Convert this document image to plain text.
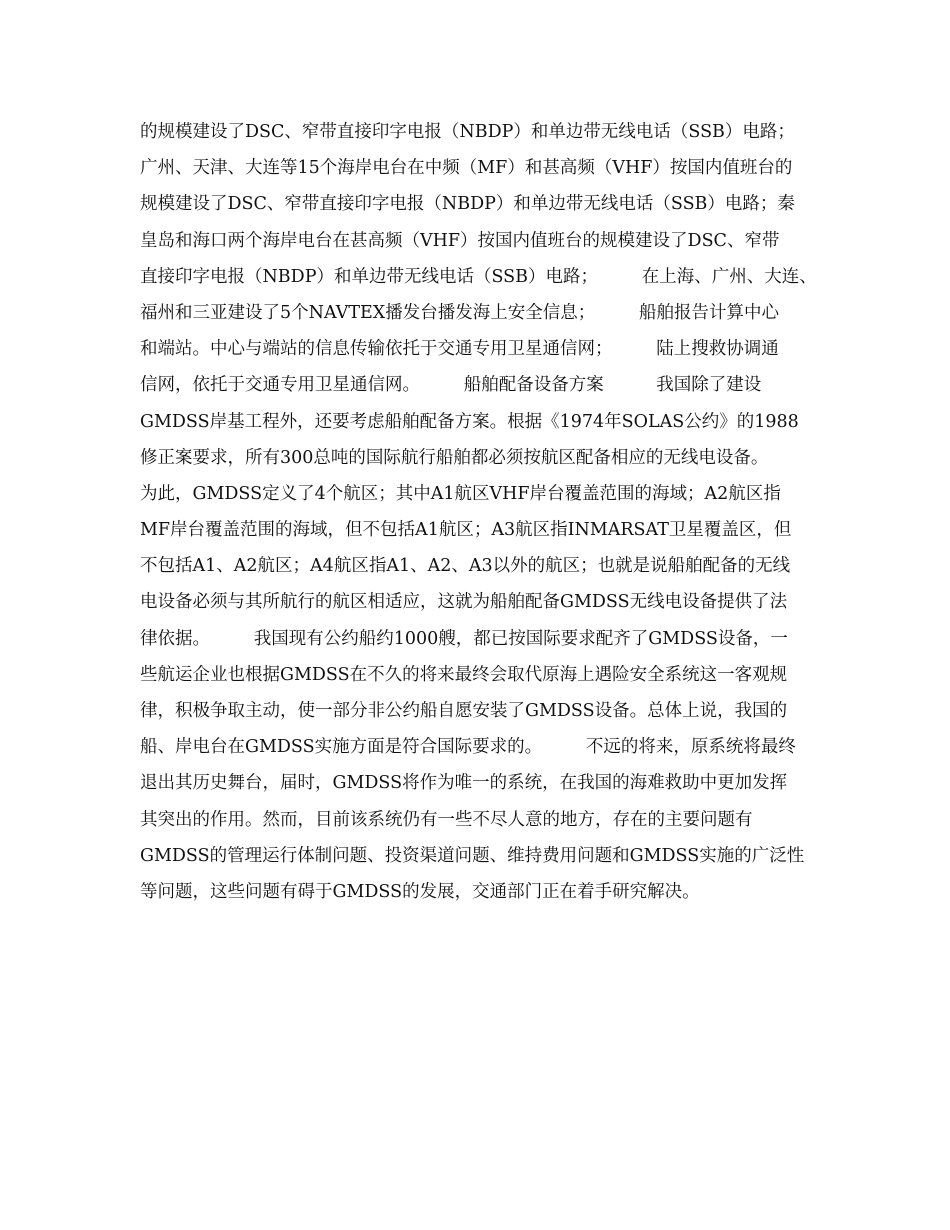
的规模建设了DSC、窄带直接印字电报（NBDP）和单边带无线电话（SSB）电路；
广州、天津、大连等15个海岸电台在中频（MF）和甚高频（VHF）按国内值班台的
规模建设了DSC、窄带直接印字电报（NBDP）和单边带无线电话（SSB）电路；秦
皇岛和海口两个海岸电台在甚高频（VHF）按国内值班台的规模建设了DSC、窄带
直接印字电报（NBDP）和单边带无线电话（SSB）电路；　　　在上海、广州、大连、
福州和三亚建设了5个NAVTEX播发台播发海上安全信息；　　　船舶报告计算中心
和端站。中心与端站的信息传输依托于交通专用卫星通信网；　　　陆上搜救协调通
信网，依托于交通专用卫星通信网。　　　船舶配备设备方案　　　我国除了建设
GMDSS岸基工程外，还要考虑船舶配备方案。根据《1974年SOLAS公约》的1988
修正案要求，所有300总吨的国际航行船舶都必须按航区配备相应的无线电设备。
为此，GMDSS定义了4个航区；其中A1航区VHF岸台覆盖范围的海域；A2航区指
MF岸台覆盖范围的海域，但不包括A1航区；A3航区指INMARSAT卫星覆盖区，但
不包括A1、A2航区；A4航区指A1、A2、A3以外的航区；也就是说船舶配备的无线
电设备必须与其所航行的航区相适应，这就为船舶配备GMDSS无线电设备提供了法
律依据。　　　我国现有公约船约1000艘，都已按国际要求配齐了GMDSS设备，一
些航运企业也根据GMDSS在不久的将来最终会取代原海上遇险安全系统这一客观规
律，积极争取主动，使一部分非公约船自愿安装了GMDSS设备。总体上说，我国的
船、岸电台在GMDSS实施方面是符合国际要求的。　　　不远的将来，原系统将最终
退出其历史舞台，届时，GMDSS将作为唯一的系统，在我国的海难救助中更加发挥
其突出的作用。然而，目前该系统仍有一些不尽人意的地方，存在的主要问题有
GMDSS的管理运行体制问题、投资渠道问题、维持费用问题和GMDSS实施的广泛性
等问题，这些问题有碍于GMDSS的发展，交通部门正在着手研究解决。
